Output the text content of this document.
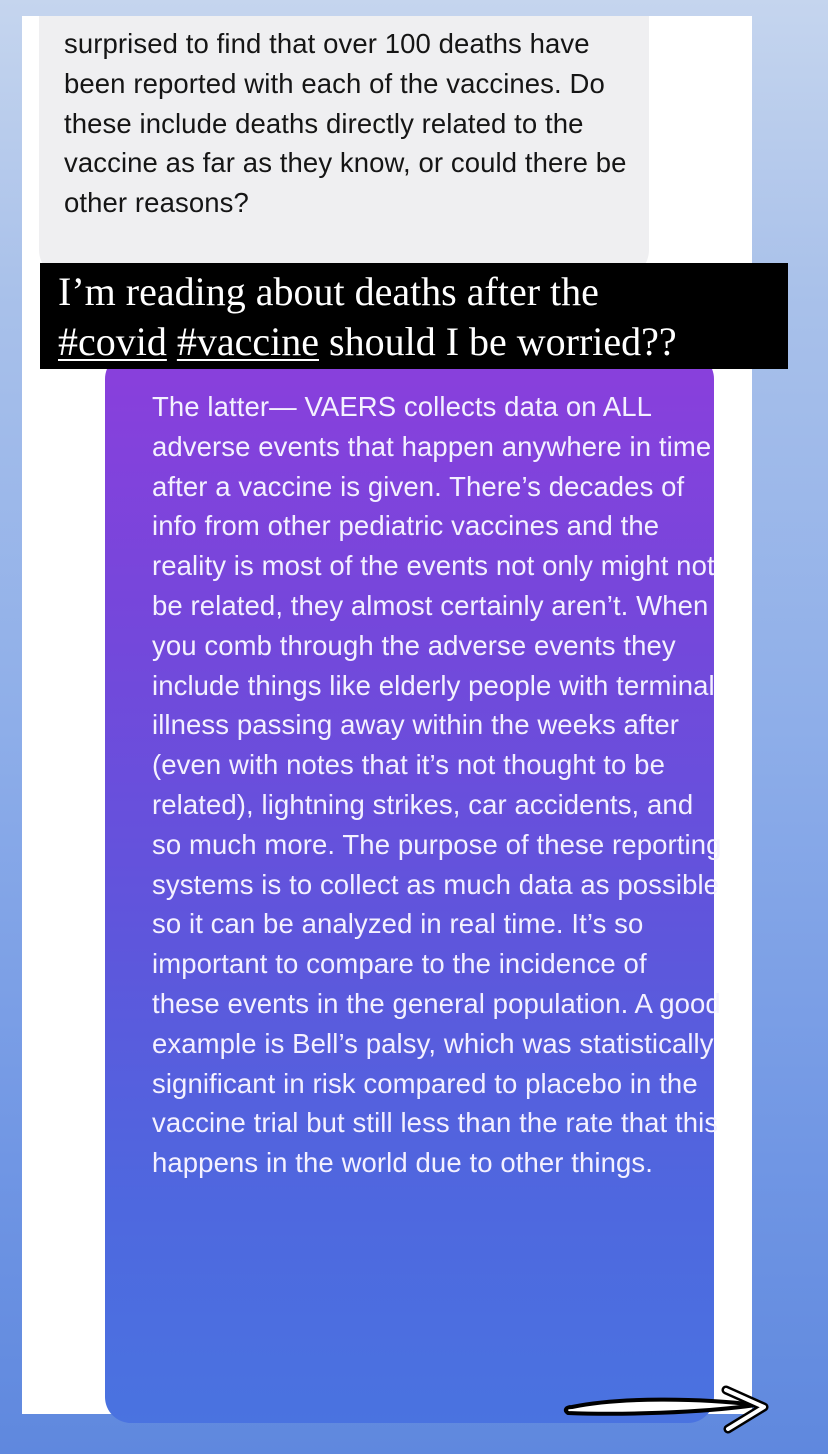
surprised to find that over 100 deaths have been reported with each of the vaccines. Do these include deaths directly related to the vaccine as far as they know, or could there be other reasons?

The latter— VAERS collects data on ALL adverse events that happen anywhere in time after a vaccine is given. There’s decades of info from other pediatric vaccines and the reality is most of the events not only might not be related, they almost certainly aren’t. When you comb through the adverse events they include things like elderly people with terminal illness passing away within the weeks after (even with notes that it’s not thought to be related), lightning strikes, car accidents, and so much more. The purpose of these reporting systems is to collect as much data as possible so it can be analyzed in real time. It’s so important to compare to the incidence of these events in the general population. A good example is Bell’s palsy, which was statistically significant in risk compared to placebo in the vaccine trial but still less than the rate that this happens in the world due to other things.

I’m reading about deaths after the
#covid #vaccine should I be worried??
